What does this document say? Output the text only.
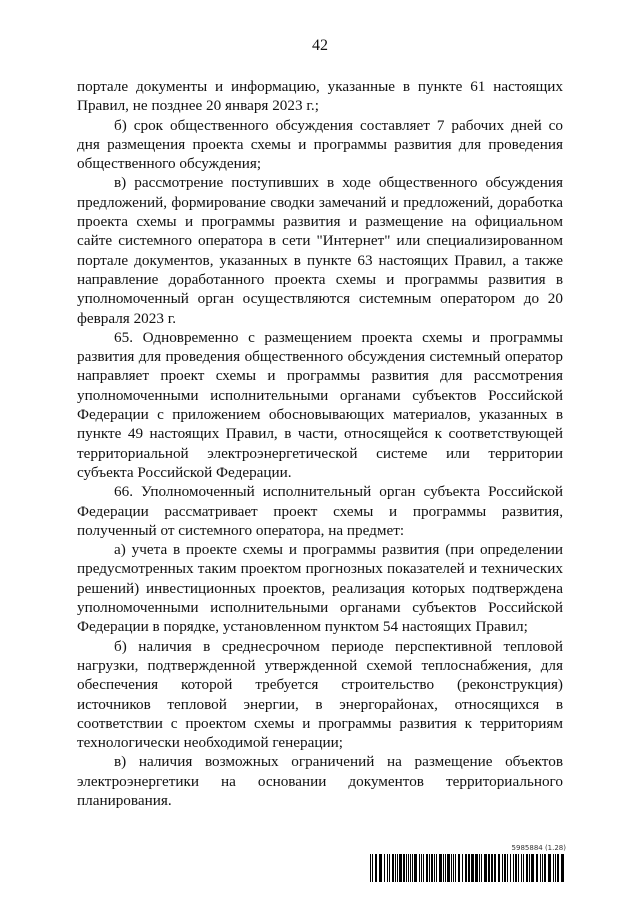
42

порталe документы и информацию, указанные в пункте 61 настоящих Правил, не позднее 20 января 2023 г.;

б) срок общественного обсуждения составляет 7 рабочих дней со дня размещения проекта схемы и программы развития для проведения общественного обсуждения;

в) рассмотрение поступивших в ходе общественного обсуждения предложений, формирование сводки замечаний и предложений, доработка проекта схемы и программы развития и размещение на официальном сайте системного оператора в сети "Интернет" или специализированном портале документов, указанных в пункте 63 настоящих Правил, а также направление доработанного проекта схемы и программы развития в уполномоченный орган осуществляются системным оператором до 20 февраля 2023 г.

65. Одновременно с размещением проекта схемы и программы развития для проведения общественного обсуждения системный оператор направляет проект схемы и программы развития для рассмотрения уполномоченными исполнительными органами субъектов Российской Федерации с приложением обосновывающих материалов, указанных в пункте 49 настоящих Правил, в части, относящейся к соответствующей территориальной электроэнергетической системе или территории субъекта Российской Федерации.

66. Уполномоченный исполнительный орган субъекта Российской Федерации рассматривает проект схемы и программы развития, полученный от системного оператора, на предмет:

а) учета в проекте схемы и программы развития (при определении предусмотренных таким проектом прогнозных показателей и технических решений) инвестиционных проектов, реализация которых подтверждена уполномоченными исполнительными органами субъектов Российской Федерации в порядке, установленном пунктом 54 настоящих Правил;

б) наличия в среднесрочном периоде перспективной тепловой нагрузки, подтвержденной утвержденной схемой теплоснабжения, для обеспечения которой требуется строительство (реконструкция) источников тепловой энергии, в энергорайонах, относящихся в соответствии с проектом схемы и программы развития к территориям технологически необходимой генерации;

в) наличия возможных ограничений на размещение объектов электроэнергетики на основании документов территориального планирования.

5985884 (1.28)
